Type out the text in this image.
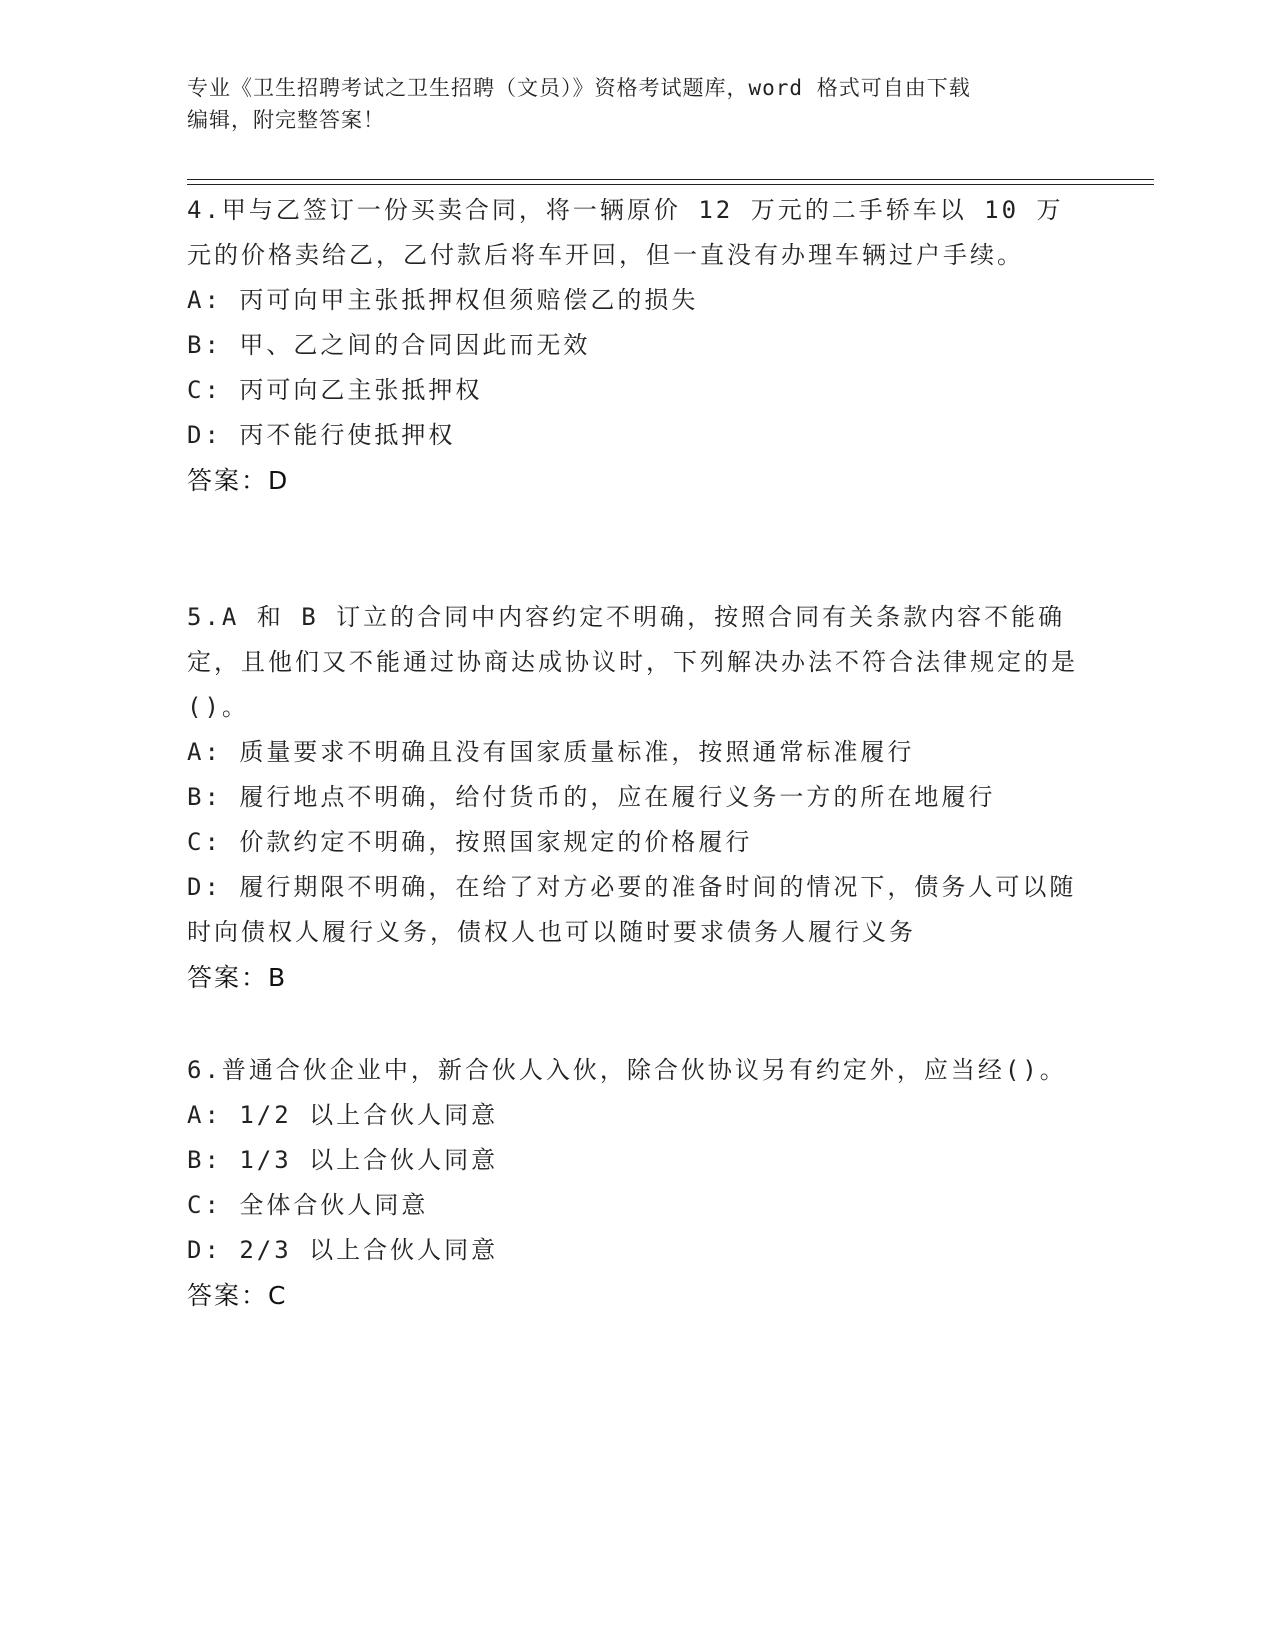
专业《卫生招聘考试之卫生招聘（文员）》资格考试题库，word 格式可自由下载
编辑，附完整答案！

4.甲与乙签订一份买卖合同，将一辆原价 12 万元的二手轿车以 10 万元的价格卖给乙，乙付款后将车开回，但一直没有办理车辆过户手续。

A: 丙可向甲主张抵押权但须赔偿乙的损失

B: 甲、乙之间的合同因此而无效

C: 丙可向乙主张抵押权

D: 丙不能行使抵押权

答案：D

5.A 和 B 订立的合同中内容约定不明确，按照合同有关条款内容不能确定，且他们又不能通过协商达成协议时，下列解决办法不符合法律规定的是()。

A: 质量要求不明确且没有国家质量标准，按照通常标准履行

B: 履行地点不明确，给付货币的，应在履行义务一方的所在地履行

C: 价款约定不明确，按照国家规定的价格履行

D: 履行期限不明确，在给了对方必要的准备时间的情况下，债务人可以随时向债权人履行义务，债权人也可以随时要求债务人履行义务

答案：B

6.普通合伙企业中，新合伙人入伙，除合伙协议另有约定外，应当经()。

A: 1/2 以上合伙人同意

B: 1/3 以上合伙人同意

C: 全体合伙人同意

D: 2/3 以上合伙人同意

答案：C
